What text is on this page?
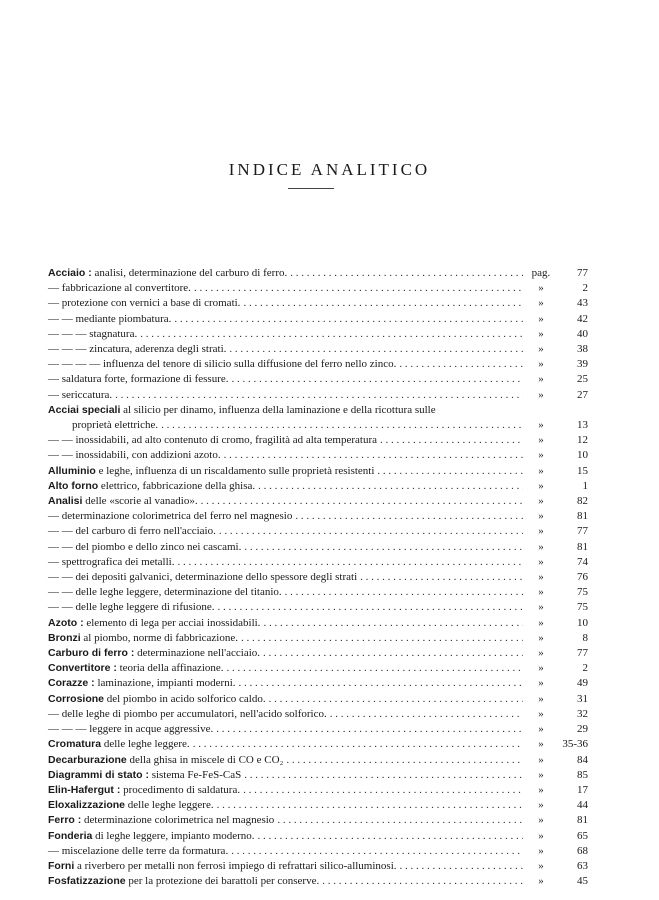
INDICE ANALITICO
Acciaio : analisi, determinazione del carburo di ferro. . . .	pag.	77
— fabbricazione al convertitore. . . .	»	2
— protezione con vernici a base di cromati. . . .	»	43
— — mediante piombatura. . . .	»	42
— — — stagnatura. . . .	»	40
— — — zincatura, aderenza degli strati. . . .	»	38
— — — — influenza del tenore di silicio sulla diffusione del ferro nello zinco. . . .	»	39
— saldatura forte, formazione di fessure. . . .	»	25
— sericcatura. . . .	»	27
Acciai speciali al silicio per dinamo, influenza della laminazione e della ricottura sulle
proprietà elettriche. . . .	»	13
— — inossidabili, ad alto contenuto di cromo, fragilità ad alta temperatura . . .	»	12
— — inossidabili, con addizioni azoto. . . .	»	10
Alluminio e leghe, influenza di un riscaldamento sulle proprietà resistenti . . .	»	15
Alto forno elettrico, fabbricazione della ghisa. . . .	»	1
Analisi delle «scorie al vanadio». . . .	»	82
— determinazione colorimetrica del ferro nel magnesio . . .	»	81
— — del carburo di ferro nell'acciaio. . . .	»	77
— — del piombo e dello zinco nei cascami. . . .	»	81
— spettrografica dei metalli. . . .	»	74
— — dei depositi galvanici, determinazione dello spessore degli strati . . .	»	76
— — delle leghe leggere, determinazione del titanio. . . .	»	75
— — delle leghe leggere di rifusione. . . .	»	75
Azoto : elemento di lega per acciai inossidabili. . . .	»	10
Bronzi al piombo, norme di fabbricazione. . . .	»	8
Carburo di ferro : determinazione nell'acciaio. . . .	»	77
Convertitore : teoria della affinazione. . . .	»	2
Corazze : laminazione, impianti moderni. . . .	»	49
Corrosione del piombo in acido solforico caldo. . . .	»	31
— delle leghe di piombo per accumulatori, nell'acido solforico. . . .	»	32
— — — leggere in acque aggressive. . . .	»	29
Cromatura delle leghe leggere. . . .	»	35-36
Decarburazione della ghisa in miscele di CO e CO₂ . . .	»	84
Diagrammi di stato : sistema Fe-FeS-CaS . . .	»	85
Elin-Hafergut : procedimento di saldatura. . . .	»	17
Eloxalizzazione delle leghe leggere. . . .	»	44
Ferro : determinazione colorimetrica nel magnesio . . .	»	81
Fonderia di leghe leggere, impianto moderno. . . .	»	65
— miscelazione delle terre da formatura. . . .	»	68
Forni a riverbero per metalli non ferrosi impiego di refrattari silico-alluminosi. . . .	»	63
Fosfatizzazione per la protezione dei barattoli per conserve. . . .	»	45
